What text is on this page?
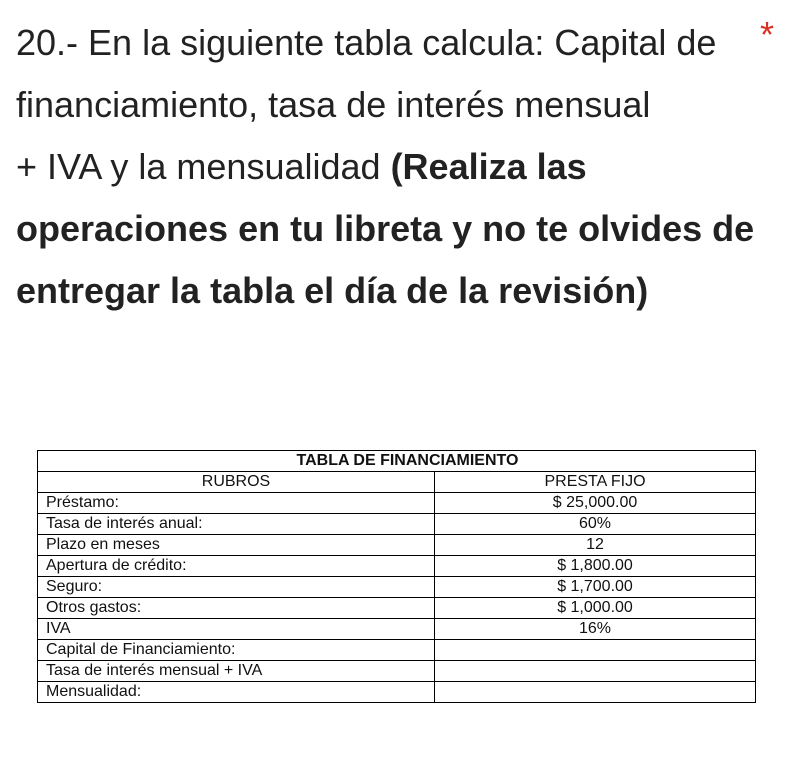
20.- En la siguiente tabla calcula: Capital de financiamiento, tasa de interés mensual
+ IVA y la mensualidad (Realiza las operaciones en tu libreta y no te olvides de entregar la tabla el día de la revisión)

*
TABLA DE FINANCIAMIENTO	
RUBROS	PRESTA FIJO
Préstamo:	$ 25,000.00
Tasa de interés anual:	60%
Plazo en meses	12
Apertura de crédito:	$ 1,800.00
Seguro:	$ 1,700.00
Otros gastos:	$ 1,000.00
IVA	16%
Capital de Financiamiento:	
Tasa de interés mensual + IVA	
Mensualidad:	
